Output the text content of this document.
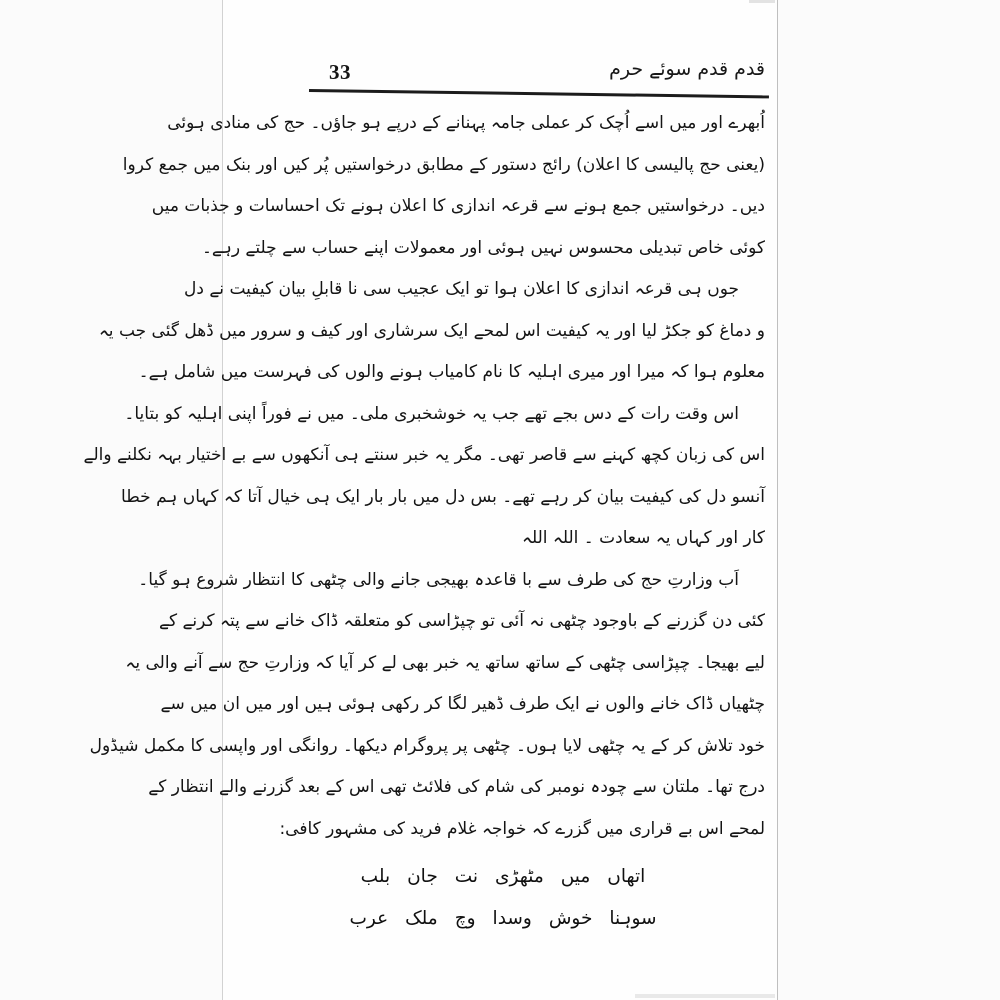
33	قدم قدم سوئے حرم
اُبھرے اور میں اسے اُچک کر عملی جامہ پہنانے کے درپے ہو جاؤں۔ حج کی منادی ہوئی
(یعنی حج پالیسی کا اعلان) رائج دستور کے مطابق درخواستیں پُر کیں اور بنک میں جمع کروا
دیں۔ درخواستیں جمع ہونے سے قرعہ اندازی کا اعلان ہونے تک احساسات و جذبات میں
کوئی خاص تبدیلی محسوس نہیں ہوئی اور معمولات اپنے حساب سے چلتے رہے۔
جوں ہی قرعہ اندازی کا اعلان ہوا تو ایک عجیب سی نا قابلِ بیان کیفیت نے دل
و دماغ کو جکڑ لیا اور یہ کیفیت اس لمحے ایک سرشاری اور کیف و سرور میں ڈھل گئی جب یہ
معلوم ہوا کہ میرا اور میری اہلیہ کا نام کامیاب ہونے والوں کی فہرست میں شامل ہے۔
اس وقت رات کے دس بجے تھے جب یہ خوشخبری ملی۔ میں نے فوراً اپنی اہلیہ کو بتایا۔
اس کی زبان کچھ کہنے سے قاصر تھی۔ مگر یہ خبر سنتے ہی آنکھوں سے بے اختیار بہہ نکلنے والے
آنسو دل کی کیفیت بیان کر رہے تھے۔ بس دل میں بار بار ایک ہی خیال آتا کہ کہاں ہم خطا
کار اور کہاں یہ سعادت ۔ اللہ اللہ
اَب وزارتِ حج کی طرف سے با قاعدہ بھیجی جانے والی چٹھی کا انتظار شروع ہو گیا۔
کئی دن گزرنے کے باوجود چٹھی نہ آئی تو چپڑاسی کو متعلقہ ڈاک خانے سے پتہ کرنے کے
لیے بھیجا۔ چپڑاسی چٹھی کے ساتھ ساتھ یہ خبر بھی لے کر آیا کہ وزارتِ حج سے آنے والی یہ
چٹھیاں ڈاک خانے والوں نے ایک طرف ڈھیر لگا کر رکھی ہوئی ہیں اور میں ان میں سے
خود تلاش کر کے یہ چٹھی لایا ہوں۔ چٹھی پر پروگرام دیکھا۔ روانگی اور واپسی کا مکمل شیڈول
درج تھا۔ ملتان سے چودہ نومبر کی شام کی فلائٹ تھی اس کے بعد گزرنے والے انتظار کے
لمحے اس بے قراری میں گزرے کہ خواجہ غلام فرید کی مشہور کافی:
اتھاں میں مٹھڑی نت جان بلب
سوہنا خوش وسدا وچ ملک عرب
